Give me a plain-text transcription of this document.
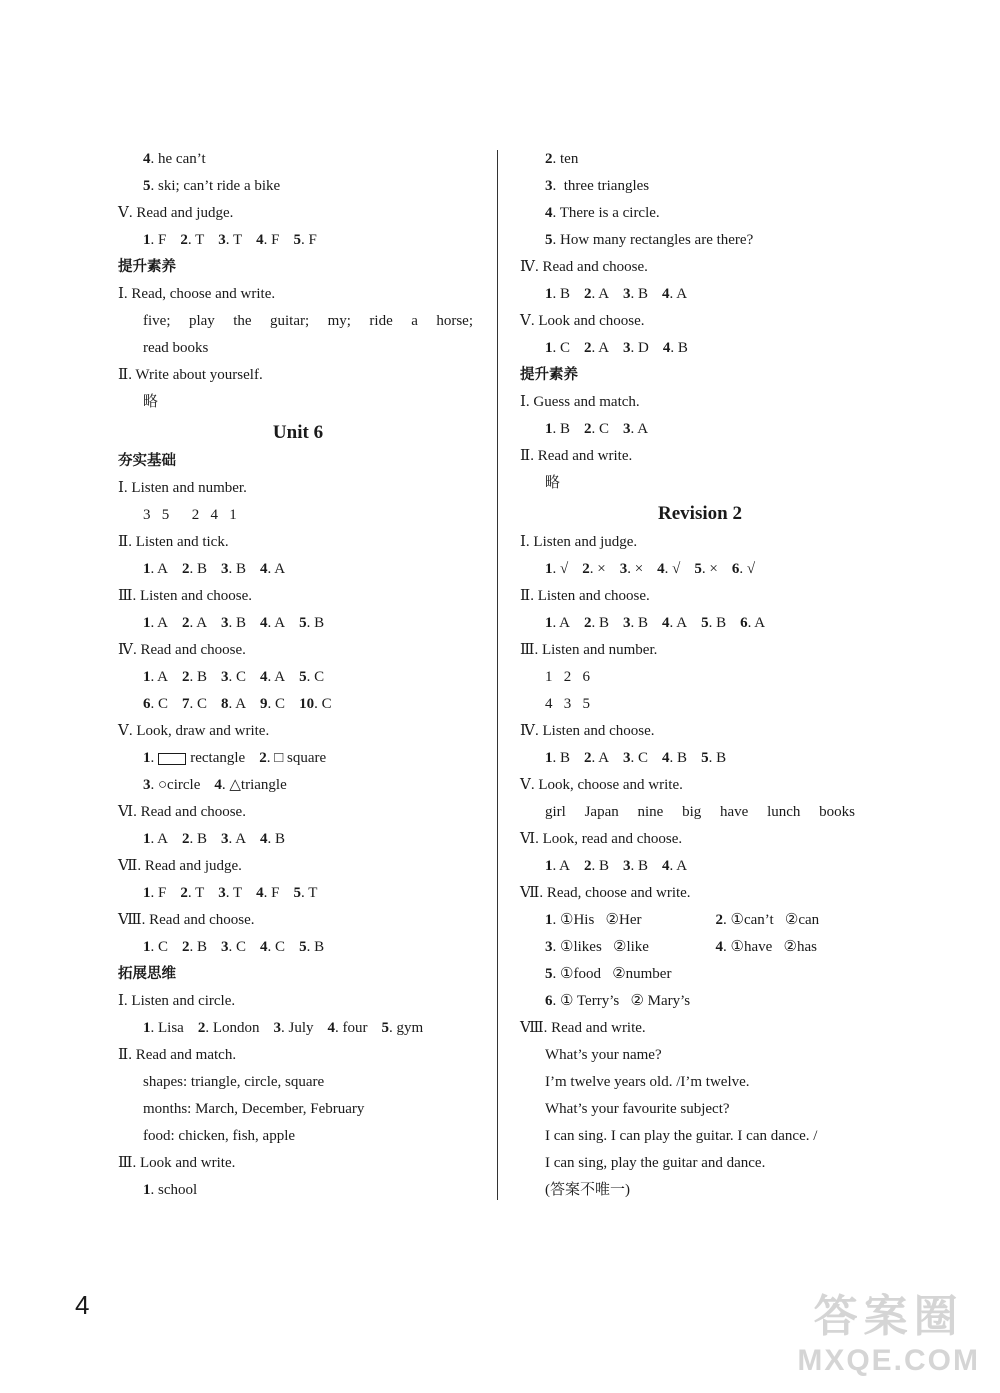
4. he can’t
5. ski; can’t ride a bike
Ⅴ. Read and judge.
1. F 2. T 3. T 4. F 5. F
提升素养
Ⅰ. Read, choose and write.
five; play the guitar; my; ride a horse;
read books
Ⅱ. Write about yourself.
略
Unit 6
夯实基础
Ⅰ. Listen and number.
3   5      2   4   1
Ⅱ. Listen and tick.
1. A 2. B 3. B 4. A
Ⅲ. Listen and choose.
1. A 2. A 3. B 4. A 5. B
Ⅳ. Read and choose.
1. A 2. B 3. C 4. A 5. C
6. C 7. C 8. A 9. C 10. C
Ⅴ. Look, draw and write.
1. rectangle 2. □ square
3. ○circle 4. △triangle
Ⅵ. Read and choose.
1. A 2. B 3. A 4. B
Ⅶ. Read and judge.
1. F 2. T 3. T 4. F 5. T
Ⅷ. Read and choose.
1. C 2. B 3. C 4. C 5. B
拓展思维
Ⅰ. Listen and circle.
1. Lisa 2. London 3. July 4. four 5. gym
Ⅱ. Read and match.
shapes: triangle, circle, square
months: March, December, February
food: chicken, fish, apple
Ⅲ. Look and write.
1. school
2. ten
3.  three triangles
4. There is a circle.
5. How many rectangles are there?
Ⅳ. Read and choose.
1. B 2. A 3. B 4. A
Ⅴ. Look and choose.
1. C 2. A 3. D 4. B
提升素养
Ⅰ. Guess and match.
1. B 2. C 3. A
Ⅱ. Read and write.
略
Revision 2
Ⅰ. Listen and judge.
1. √ 2. × 3. × 4. √ 5. × 6. √
Ⅱ. Listen and choose.
1. A 2. B 3. B 4. A 5. B 6. A
Ⅲ. Listen and number.
1   2   6
4   3   5
Ⅳ. Listen and choose.
1. B 2. A 3. C 4. B 5. B
Ⅴ. Look, choose and write.
girl Japan nine big have lunch books
Ⅵ. Look, read and choose.
1. A 2. B 3. B 4. A
Ⅶ. Read, choose and write.
1. ①His   ②Her	2. ①can’t   ②can
3. ①likes   ②like	4. ①have   ②has
5. ①food   ②number
6. ① Terry’s   ② Mary’s
Ⅷ. Read and write.
What’s your name?
I’m twelve years old. /I’m twelve.
What’s your favourite subject?
I can sing. I can play the guitar. I can dance. /
I can sing, play the guitar and dance.
(答案不唯一)
4	答案圈
MXQE.COM
